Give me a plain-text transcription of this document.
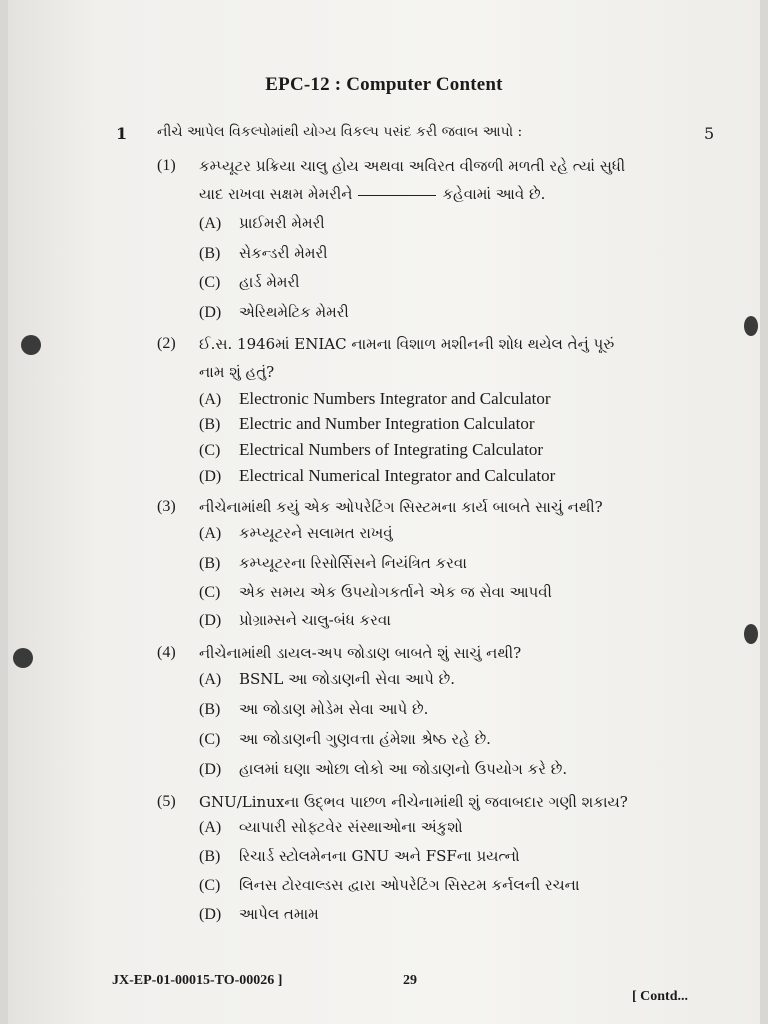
EPC-12 : Computer Content
1 નીચે આપેલ વિકલ્પોમાંથી યોગ્ય વિકલ્પ પસંદ કરી જવાબ આપો :	5
(1) કમ્પ્યૂટર પ્રક્રિયા ચાલુ હોય અથવા અવિરત વીજળી મળતી રહે ત્યાં સુધી
યાદ રાખવા સક્ષમ મેમરીને	કહેવામાં આવે છે.
(A) પ્રાઈમરી મેમરી
(B) સેકન્ડરી મેમરી
(C) હાર્ડ મેમરી
(D) એરિથમેટિક મેમરી
(2) ઈ.સ. 1946માં ENIAC નામના વિશાળ મશીનની શોધ થયેલ તેનું પૂરું
નામ શું હતું?
(A) Electronic Numbers Integrator and Calculator
(B) Electric and Number Integration Calculator
(C) Electrical Numbers of Integrating Calculator
(D) Electrical Numerical Integrator and Calculator
(3) નીચેનામાંથી કયું એક ઓપરેટિંગ સિસ્ટમના કાર્ય બાબતે સાચું નથી?
(A) કમ્પ્યૂટરને સલામત રાખવું
(B) કમ્પ્યૂટરના રિસોર્સિસને નિયંત્રિત કરવા
(C) એક સમય એક ઉપયોગકર્તાને એક જ સેવા આપવી
(D) પ્રોગ્રામ્સને ચાલુ-બંધ કરવા
(4) નીચેનામાંથી ડાયલ-અપ જોડાણ બાબતે શું સાચું નથી?
(A) BSNL આ જોડાણની સેવા આપે છે.
(B) આ જોડાણ મોડેમ સેવા આપે છે.
(C) આ જોડાણની ગુણવત્તા હંમેશા શ્રેષ્ઠ રહે છે.
(D) હાલમાં ઘણા ઓછા લોકો આ જોડાણનો ઉપયોગ કરે છે.
(5) GNU/Linuxના ઉદ્ભવ પાછળ નીચેનામાંથી શું જવાબદાર ગણી શકાય?
(A) વ્યાપારી સોફ્ટવેર સંસ્થાઓના અંકુશો
(B) રિચાર્ડ સ્ટોલમેનના GNU અને FSFના પ્રયત્નો
(C) લિનસ ટોરવાલ્ડસ દ્વારા ઓપરેટિંગ સિસ્ટમ કર્નલની રચના
(D) આપેલ તમામ
JX-EP-01-00015-TO-00026 ]	29
[ Contd...
